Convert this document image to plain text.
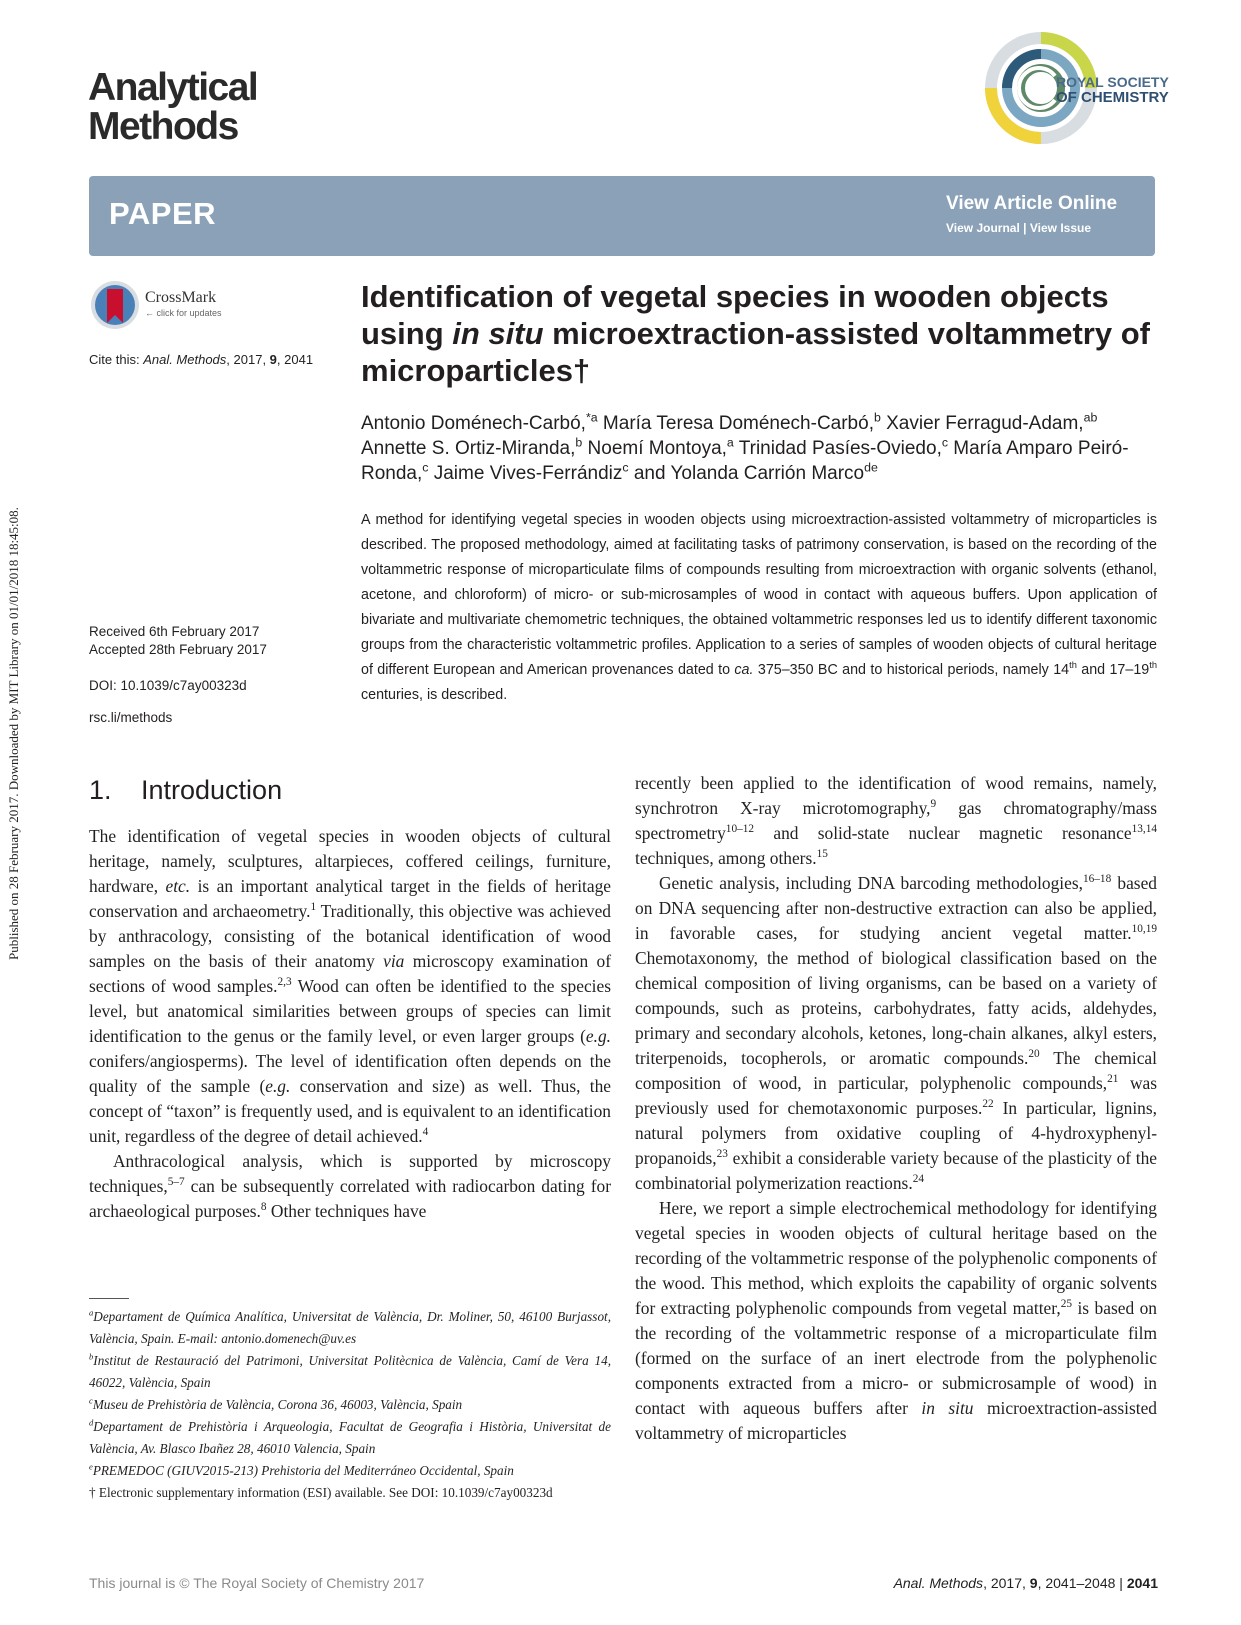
Published on 28 February 2017. Downloaded by MIT Library on 01/01/2018 18:45:08.
Analytical
Methods
ROYAL SOCIETY
OF CHEMISTRY
PAPER	View Article Online
View Journal | View Issue
CrossMark
← click for updates
Cite this: Anal. Methods, 2017, 9, 2041
Identification of vegetal species in wooden objects using in situ microextraction-assisted voltammetry of microparticles†
Antonio Doménech-Carbó,$^{*a}$ María Teresa Doménech-Carbó,$^b$ Xavier Ferragud-Adam,$^{ab}$ Annette S. Ortiz-Miranda,$^b$ Noemí Montoya,$^a$ Trinidad Pasíes-Oviedo,$^c$ María Amparo Peiró-Ronda,$^c$ Jaime Vives-Ferrándiz$^c$ and Yolanda Carrión Marco$^{de}$
A method for identifying vegetal species in wooden objects using microextraction-assisted voltammetry of microparticles is described. The proposed methodology, aimed at facilitating tasks of patrimony conservation, is based on the recording of the voltammetric response of microparticulate films of compounds resulting from microextraction with organic solvents (ethanol, acetone, and chloroform) of micro- or sub-microsamples of wood in contact with aqueous buffers. Upon application of bivariate and multivariate chemometric techniques, the obtained voltammetric responses led us to identify different taxonomic groups from the characteristic voltammetric profiles. Application to a series of samples of wooden objects of cultural heritage of different European and American provenances dated to ca. 375–350 BC and to historical periods, namely 14th and 17–19th centuries, is described.
Received 6th February 2017
Accepted 28th February 2017
DOI: 10.1039/c7ay00323d
rsc.li/methods
1. Introduction

The identification of vegetal species in wooden objects of cultural heritage, namely, sculptures, altarpieces, coffered ceilings, furniture, hardware, etc. is an important analytical target in the fields of heritage conservation and archaeometry.$^1$ Traditionally, this objective was achieved by anthracology, consisting of the botanical identification of wood samples on the basis of their anatomy via microscopy examination of sections of wood samples.$^{2,3}$ Wood can often be identified to the species level, but anatomical similarities between groups of species can limit identification to the genus or the family level, or even larger groups (e.g. conifers/angiosperms). The level of identification often depends on the quality of the sample (e.g. conservation and size) as well. Thus, the concept of “taxon” is frequently used, and is equivalent to an identification unit, regardless of the degree of detail achieved.$^4$

Anthracological analysis, which is supported by microscopy techniques,$^{5-7}$ can be subsequently correlated with radiocarbon dating for archaeological purposes.$^8$ Other techniques have

recently been applied to the identification of wood remains, namely, synchrotron X-ray microtomography,$^9$ gas chromatography/mass spectrometry$^{10-12}$ and solid-state nuclear magnetic resonance$^{13,14}$ techniques, among others.$^{15}$

Genetic analysis, including DNA barcoding methodologies,$^{16-18}$ based on DNA sequencing after non-destructive extraction can also be applied, in favorable cases, for studying ancient vegetal matter.$^{10,19}$ Chemotaxonomy, the method of biological classification based on the chemical composition of living organisms, can be based on a variety of compounds, such as proteins, carbohydrates, fatty acids, aldehydes, primary and secondary alcohols, ketones, long-chain alkanes, alkyl esters, triterpenoids, tocopherols, or aromatic compounds.$^{20}$ The chemical composition of wood, in particular, polyphenolic compounds,$^{21}$ was previously used for chemotaxonomic purposes.$^{22}$ In particular, lignins, natural polymers from oxidative coupling of 4-hydroxyphenyl-propanoids,$^{23}$ exhibit a considerable variety because of the plasticity of the combinatorial polymerization reactions.$^{24}$

Here, we report a simple electrochemical methodology for identifying vegetal species in wooden objects of cultural heritage based on the recording of the voltammetric response of the polyphenolic components of the wood. This method, which exploits the capability of organic solvents for extracting polyphenolic compounds from vegetal matter,$^{25}$ is based on the recording of the voltammetric response of a microparticulate film (formed on the surface of an inert electrode from the polyphenolic components extracted from a micro- or submicrosample of wood) in contact with aqueous buffers after in situ microextraction-assisted voltammetry of microparticles

$^a$Departament de Química Analítica, Universitat de València, Dr. Moliner, 50, 46100 Burjassot, València, Spain. E-mail: antonio.domenech@uv.es

$^b$Institut de Restauració del Patrimoni, Universitat Politècnica de València, Camí de Vera 14, 46022, València, Spain

$^c$Museu de Prehistòria de València, Corona 36, 46003, València, Spain

$^d$Departament de Prehistòria i Arqueologia, Facultat de Geografia i Història, Universitat de València, Av. Blasco Ibañez 28, 46010 Valencia, Spain

$^e$PREMEDOC (GIUV2015-213) Prehistoria del Mediterráneo Occidental, Spain

† Electronic supplementary information (ESI) available. See DOI: 10.1039/c7ay00323d

This journal is © The Royal Society of Chemistry 2017	Anal. Methods, 2017, 9, 2041–2048 | 2041
